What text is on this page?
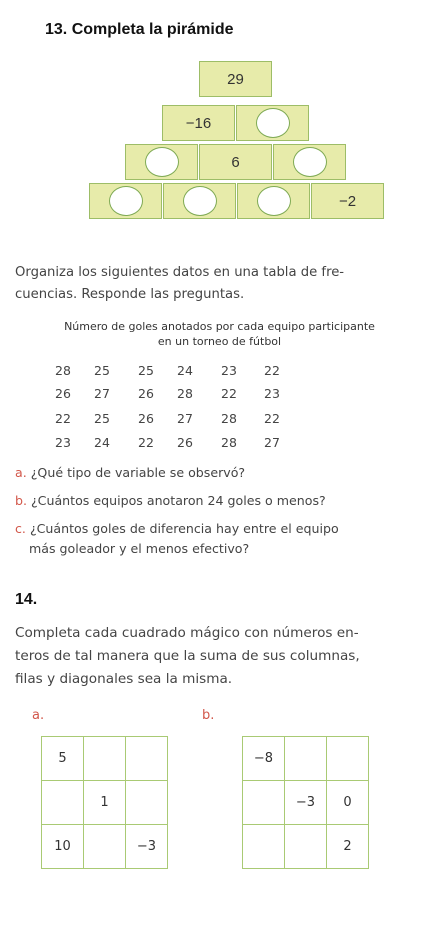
13. Completa la pirámide
29
−16
6
−2
Organiza los siguientes datos en una tabla de fre-
cuencias. Responde las preguntas.
Número de goles anotados por cada equipo participante
en un torneo de fútbol
28	25	25	24	23	22
26	27	26	28	22	23
22	25	26	27	28	22
23	24	22	26	28	27
a. ¿Qué tipo de variable se observó?
b. ¿Cuántos equipos anotaron 24 goles o menos?
c. ¿Cuántos goles de diferencia hay entre el equipo
más goleador y el menos efectivo?
14.
Completa cada cuadrado mágico con números en-
teros de tal manera que la suma de sus columnas,
filas y diagonales sea la misma.
a.	b.
5		
	1	
10		−3
−8		
	−3	0
		2
